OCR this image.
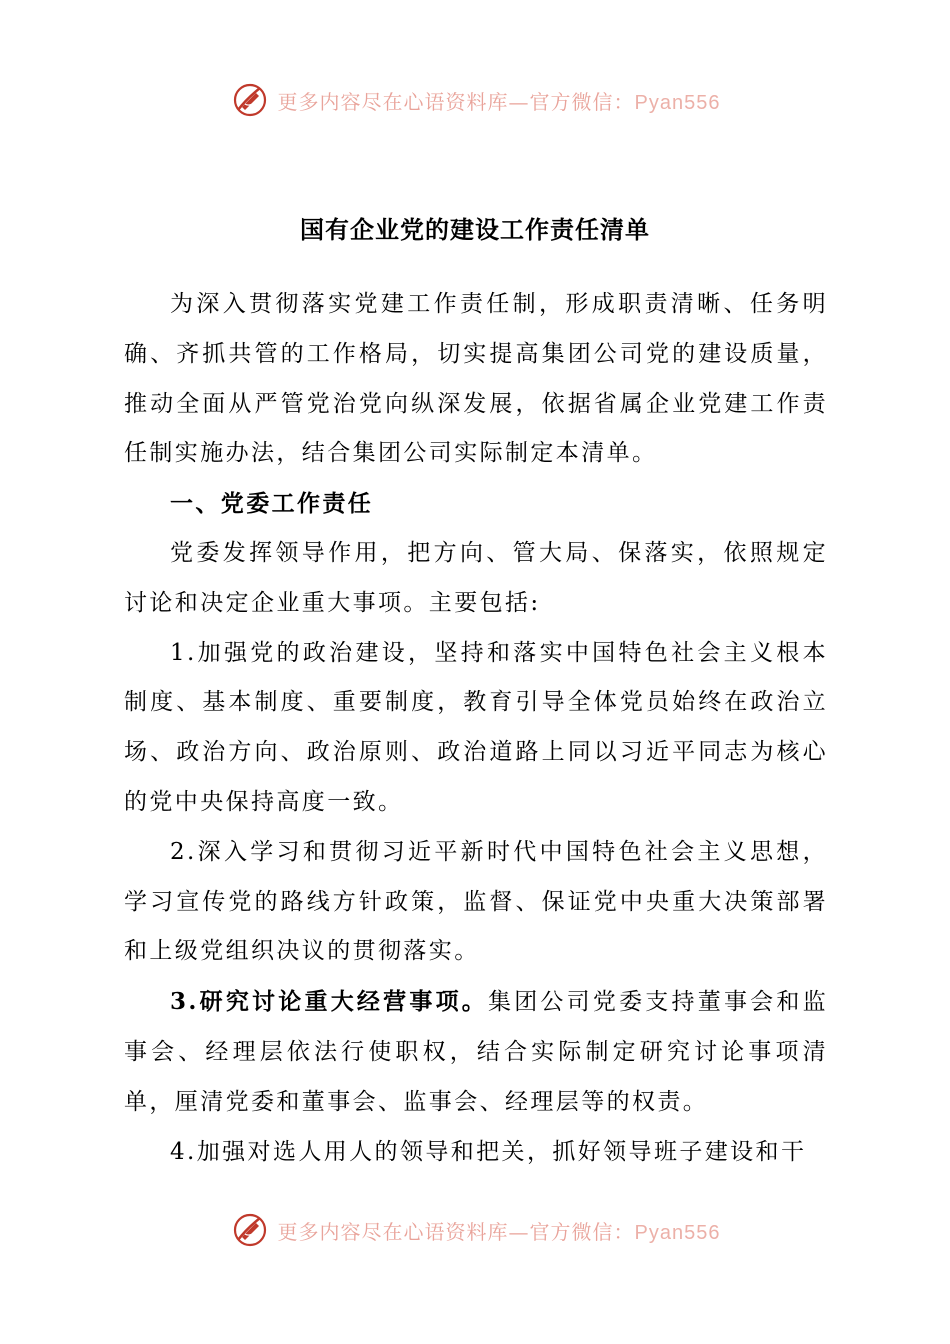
更多内容尽在心语资料库—官方微信：Pyan556
国有企业党的建设工作责任清单

为深入贯彻落实党建工作责任制，形成职责清晰、任务明确、齐抓共管的工作格局，切实提高集团公司党的建设质量，推动全面从严管党治党向纵深发展，依据省属企业党建工作责任制实施办法，结合集团公司实际制定本清单。

一、党委工作责任

党委发挥领导作用，把方向、管大局、保落实，依照规定讨论和决定企业重大事项。主要包括:

1.加强党的政治建设，坚持和落实中国特色社会主义根本制度、基本制度、重要制度，教育引导全体党员始终在政治立场、政治方向、政治原则、政治道路上同以习近平同志为核心的党中央保持高度一致。

2.深入学习和贯彻习近平新时代中国特色社会主义思想，学习宣传党的路线方针政策，监督、保证党中央重大决策部署和上级党组织决议的贯彻落实。

3.研究讨论重大经营事项。集团公司党委支持董事会和监事会、经理层依法行使职权，结合实际制定研究讨论事项清单，厘清党委和董事会、监事会、经理层等的权责。

4.加强对选人用人的领导和把关，抓好领导班子建设和干

更多内容尽在心语资料库—官方微信：Pyan556
